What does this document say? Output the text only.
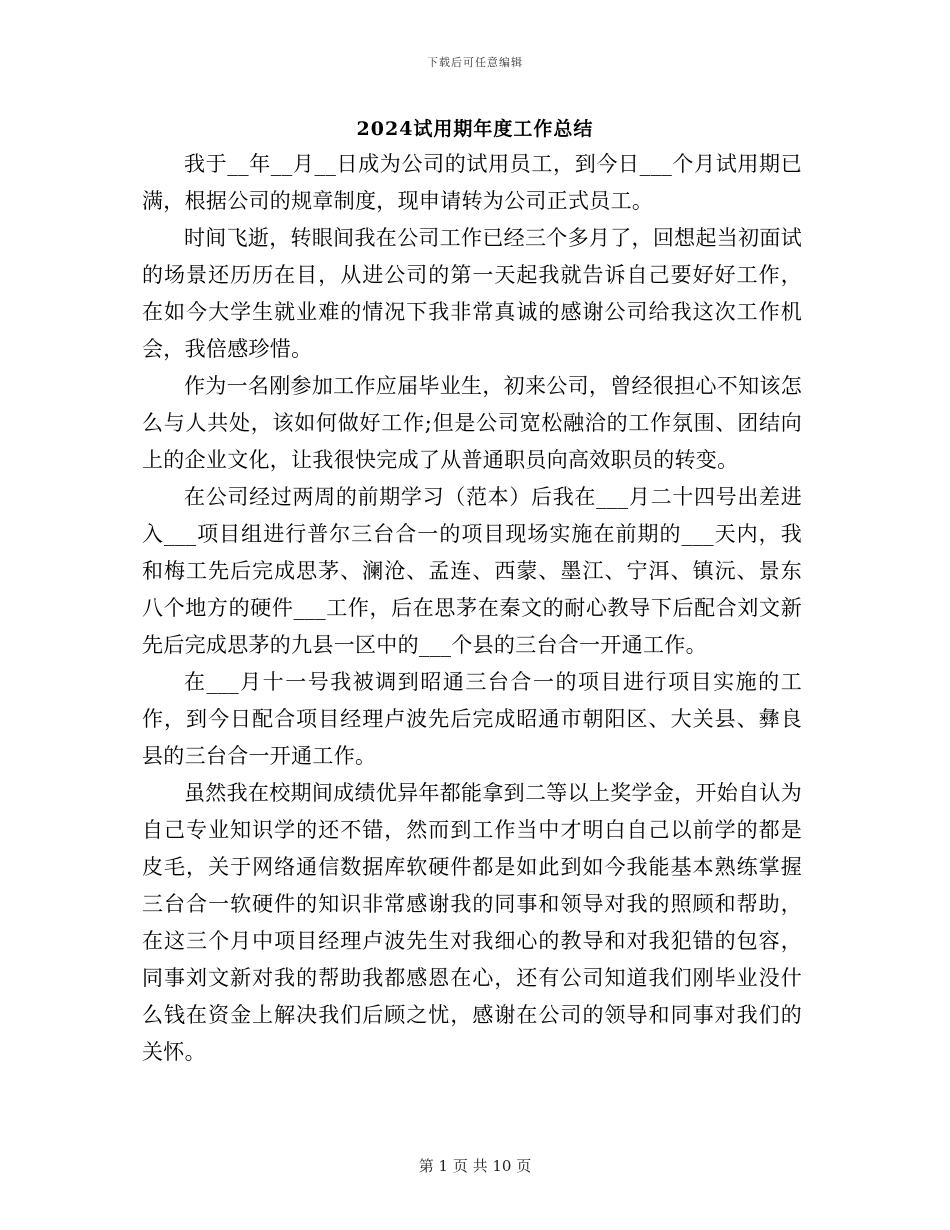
下载后可任意编辑
2024试用期年度工作总结

我于__年__月__日成为公司的试用员工，到今日___个月试用期已满，根据公司的规章制度，现申请转为公司正式员工。

时间飞逝，转眼间我在公司工作已经三个多月了，回想起当初面试的场景还历历在目，从进公司的第一天起我就告诉自己要好好工作，在如今大学生就业难的情况下我非常真诚的感谢公司给我这次工作机会，我倍感珍惜。

作为一名刚参加工作应届毕业生，初来公司，曾经很担心不知该怎么与人共处，该如何做好工作;但是公司宽松融洽的工作氛围、团结向上的企业文化，让我很快完成了从普通职员向高效职员的转变。

在公司经过两周的前期学习（范本）后我在___月二十四号出差进入___项目组进行普尔三台合一的项目现场实施在前期的___天内，我和梅工先后完成思茅、澜沧、孟连、西蒙、墨江、宁洱、镇沅、景东八个地方的硬件___工作，后在思茅在秦文的耐心教导下后配合刘文新先后完成思茅的九县一区中的___个县的三台合一开通工作。

在___月十一号我被调到昭通三台合一的项目进行项目实施的工作，到今日配合项目经理卢波先后完成昭通市朝阳区、大关县、彝良县的三台合一开通工作。

虽然我在校期间成绩优异年都能拿到二等以上奖学金，开始自认为自己专业知识学的还不错，然而到工作当中才明白自己以前学的都是皮毛，关于网络通信数据库软硬件都是如此到如今我能基本熟练掌握三台合一软硬件的知识非常感谢我的同事和领导对我的照顾和帮助，在这三个月中项目经理卢波先生对我细心的教导和对我犯错的包容，同事刘文新对我的帮助我都感恩在心，还有公司知道我们刚毕业没什么钱在资金上解决我们后顾之忧，感谢在公司的领导和同事对我们的关怀。

第 1 页 共 10 页
